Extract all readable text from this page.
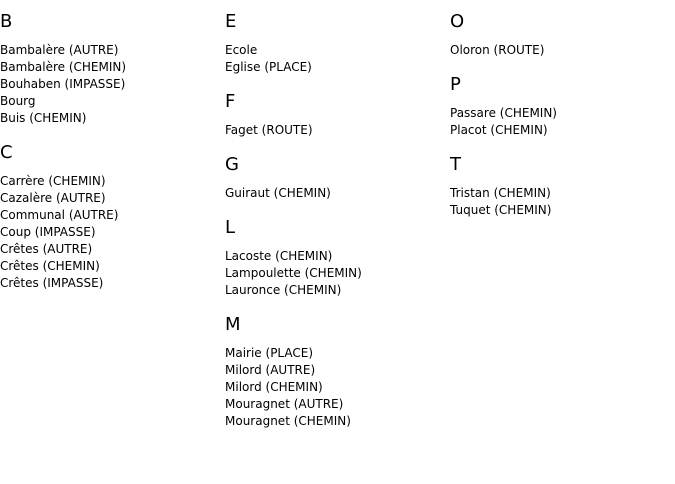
B
Bambalère (AUTRE)
Bambalère (CHEMIN)
Bouhaben (IMPASSE)
Bourg
Buis (CHEMIN)
C
Carrère (CHEMIN)
Cazalère (AUTRE)
Communal (AUTRE)
Coup (IMPASSE)
Crêtes (AUTRE)
Crêtes (CHEMIN)
Crêtes (IMPASSE)
E
Ecole
Eglise (PLACE)
F
Faget (ROUTE)
G
Guiraut (CHEMIN)
L
Lacoste (CHEMIN)
Lampoulette (CHEMIN)
Lauronce (CHEMIN)
M
Mairie (PLACE)
Milord (AUTRE)
Milord (CHEMIN)
Mouragnet (AUTRE)
Mouragnet (CHEMIN)
O
Oloron (ROUTE)
P
Passare (CHEMIN)
Placot (CHEMIN)
T
Tristan (CHEMIN)
Tuquet (CHEMIN)
